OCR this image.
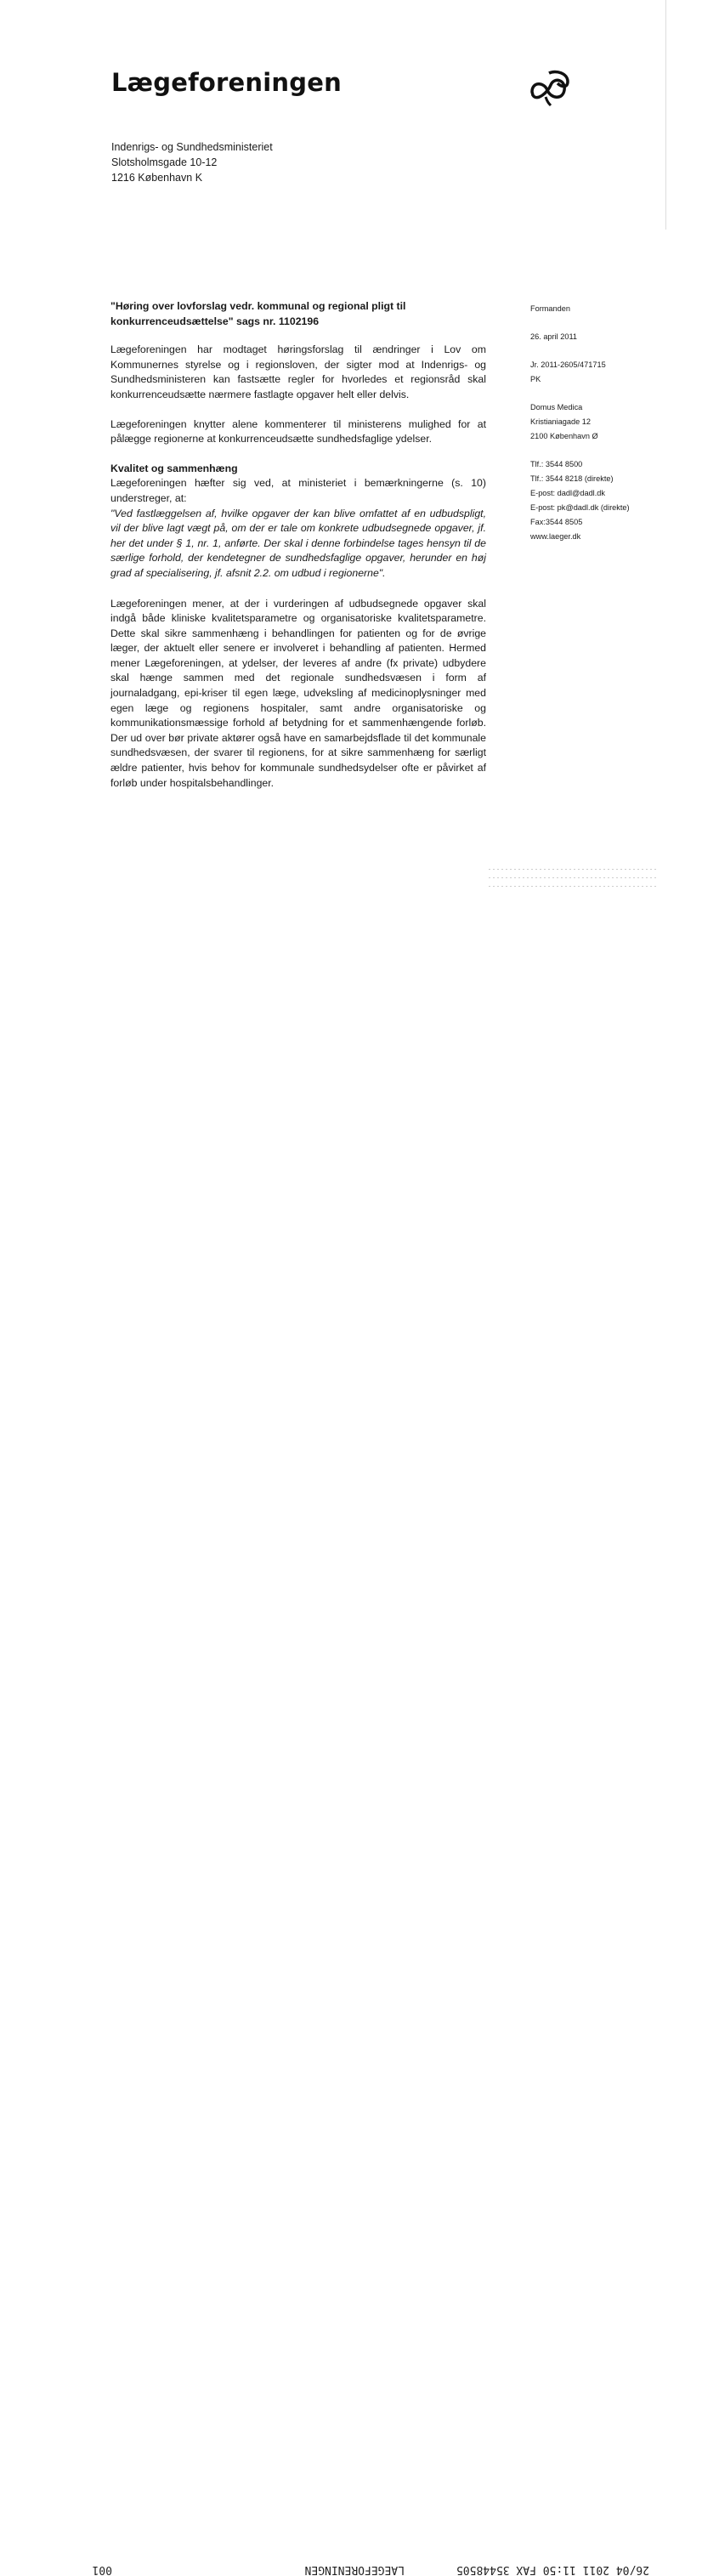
Lægeforeningen
Indenrigs- og Sundhedsministeriet
Slotsholmsgade 10-12
1216 København K

"Høring over lovforslag vedr. kommunal og regional pligt til konkurrenceudsættelse" sags nr. 1102196

Lægeforeningen har modtaget høringsforslag til ændringer i Lov om Kommunernes styrelse og i regionsloven, der sigter mod at Indenrigs- og Sundhedsministeren kan fastsætte regler for hvorledes et regionsråd skal konkurrenceudsætte nærmere fastlagte opgaver helt eller delvis.

Lægeforeningen knytter alene kommenterer til ministerens mulighed for at pålægge regionerne at konkurrenceudsætte sundhedsfaglige ydelser.

Kvalitet og sammenhæng

Lægeforeningen hæfter sig ved, at ministeriet i bemærkningerne (s. 10) understreger, at:

"Ved fastlæggelsen af, hvilke opgaver der kan blive omfattet af en udbudspligt, vil der blive lagt vægt på, om der er tale om konkrete udbudsegnede opgaver, jf. her det under § 1, nr. 1, anførte. Der skal i denne forbindelse tages hensyn til de særlige forhold, der kendetegner de sundhedsfaglige opgaver, herunder en høj grad af specialisering, jf. afsnit 2.2. om udbud i regionerne".

Lægeforeningen mener, at der i vurderingen af udbudsegnede opgaver skal indgå både kliniske kvalitetsparametre og organisatoriske kvalitetsparametre. Dette skal sikre sammenhæng i behandlingen for patienten og for de øvrige læger, der aktuelt eller senere er involveret i behandling af patienten. Hermed mener Lægeforeningen, at ydelser, der leveres af andre (fx private) udbydere skal hænge sammen med det regionale sundhedsvæsen i form af journaladgang, epi-kriser til egen læge, udveksling af medicinoplysninger med egen læge og regionens hospitaler, samt andre organisatoriske og kommunikationsmæssige forhold af betydning for et sammenhængende forløb. Der ud over bør private aktører også have en samarbejdsflade til det kommunale sundhedsvæsen, der svarer til regionens, for at sikre sammenhæng for særligt ældre patienter, hvis behov for kommunale sundhedsydelser ofte er påvirket af forløb under hospitalsbehandlinger.

Formanden
26. april 2011
Jr. 2011-2605/471715
PK
Domus Medica
Kristianiagade 12
2100 København Ø
Tlf.: 3544 8500
Tlf.: 3544 8218 (direkte)
E-post: dadl@dadl.dk
E-post: pk@dadl.dk (direkte)
Fax:3544 8505
www.laeger.dk
26/04 2011 11:50 FAX 35448505
LAEGEFORENINGEN
001
